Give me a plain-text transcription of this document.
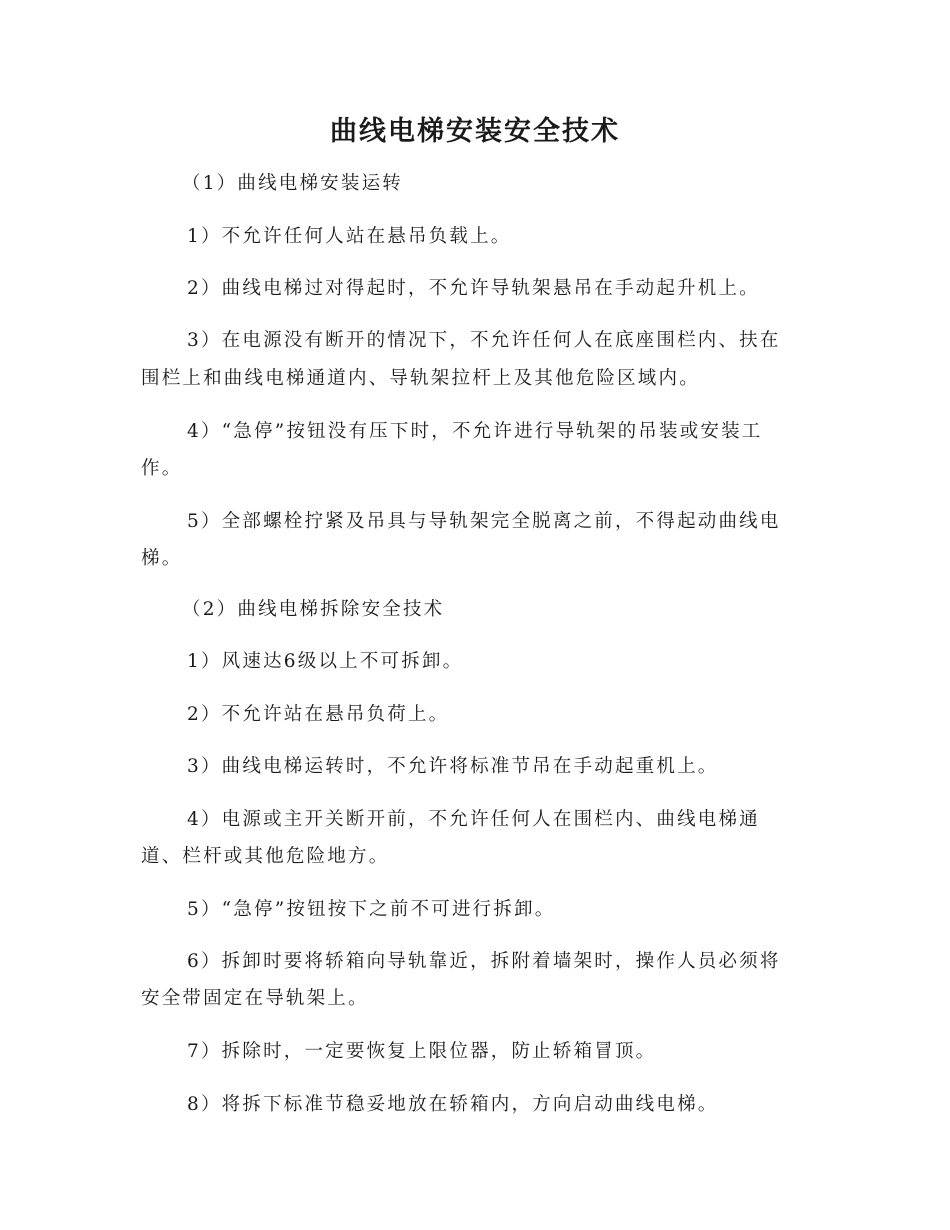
曲线电梯安装安全技术

（1）曲线电梯安装运转

1）不允许任何人站在悬吊负载上。

2）曲线电梯过对得起时，不允许导轨架悬吊在手动起升机上。

3）在电源没有断开的情况下，不允许任何人在底座围栏内、扶在

围栏上和曲线电梯通道内、导轨架拉杆上及其他危险区域内。

4）“急停”按钮没有压下时，不允许进行导轨架的吊装或安装工

作。

5）全部螺栓拧紧及吊具与导轨架完全脱离之前，不得起动曲线电

梯。

（2）曲线电梯拆除安全技术

1）风速达6级以上不可拆卸。

2）不允许站在悬吊负荷上。

3）曲线电梯运转时，不允许将标准节吊在手动起重机上。

4）电源或主开关断开前，不允许任何人在围栏内、曲线电梯通

道、栏杆或其他危险地方。

5）“急停”按钮按下之前不可进行拆卸。

6）拆卸时要将轿箱向导轨靠近，拆附着墙架时，操作人员必须将

安全带固定在导轨架上。

7）拆除时，一定要恢复上限位器，防止轿箱冒顶。

8）将拆下标准节稳妥地放在轿箱内，方向启动曲线电梯。
